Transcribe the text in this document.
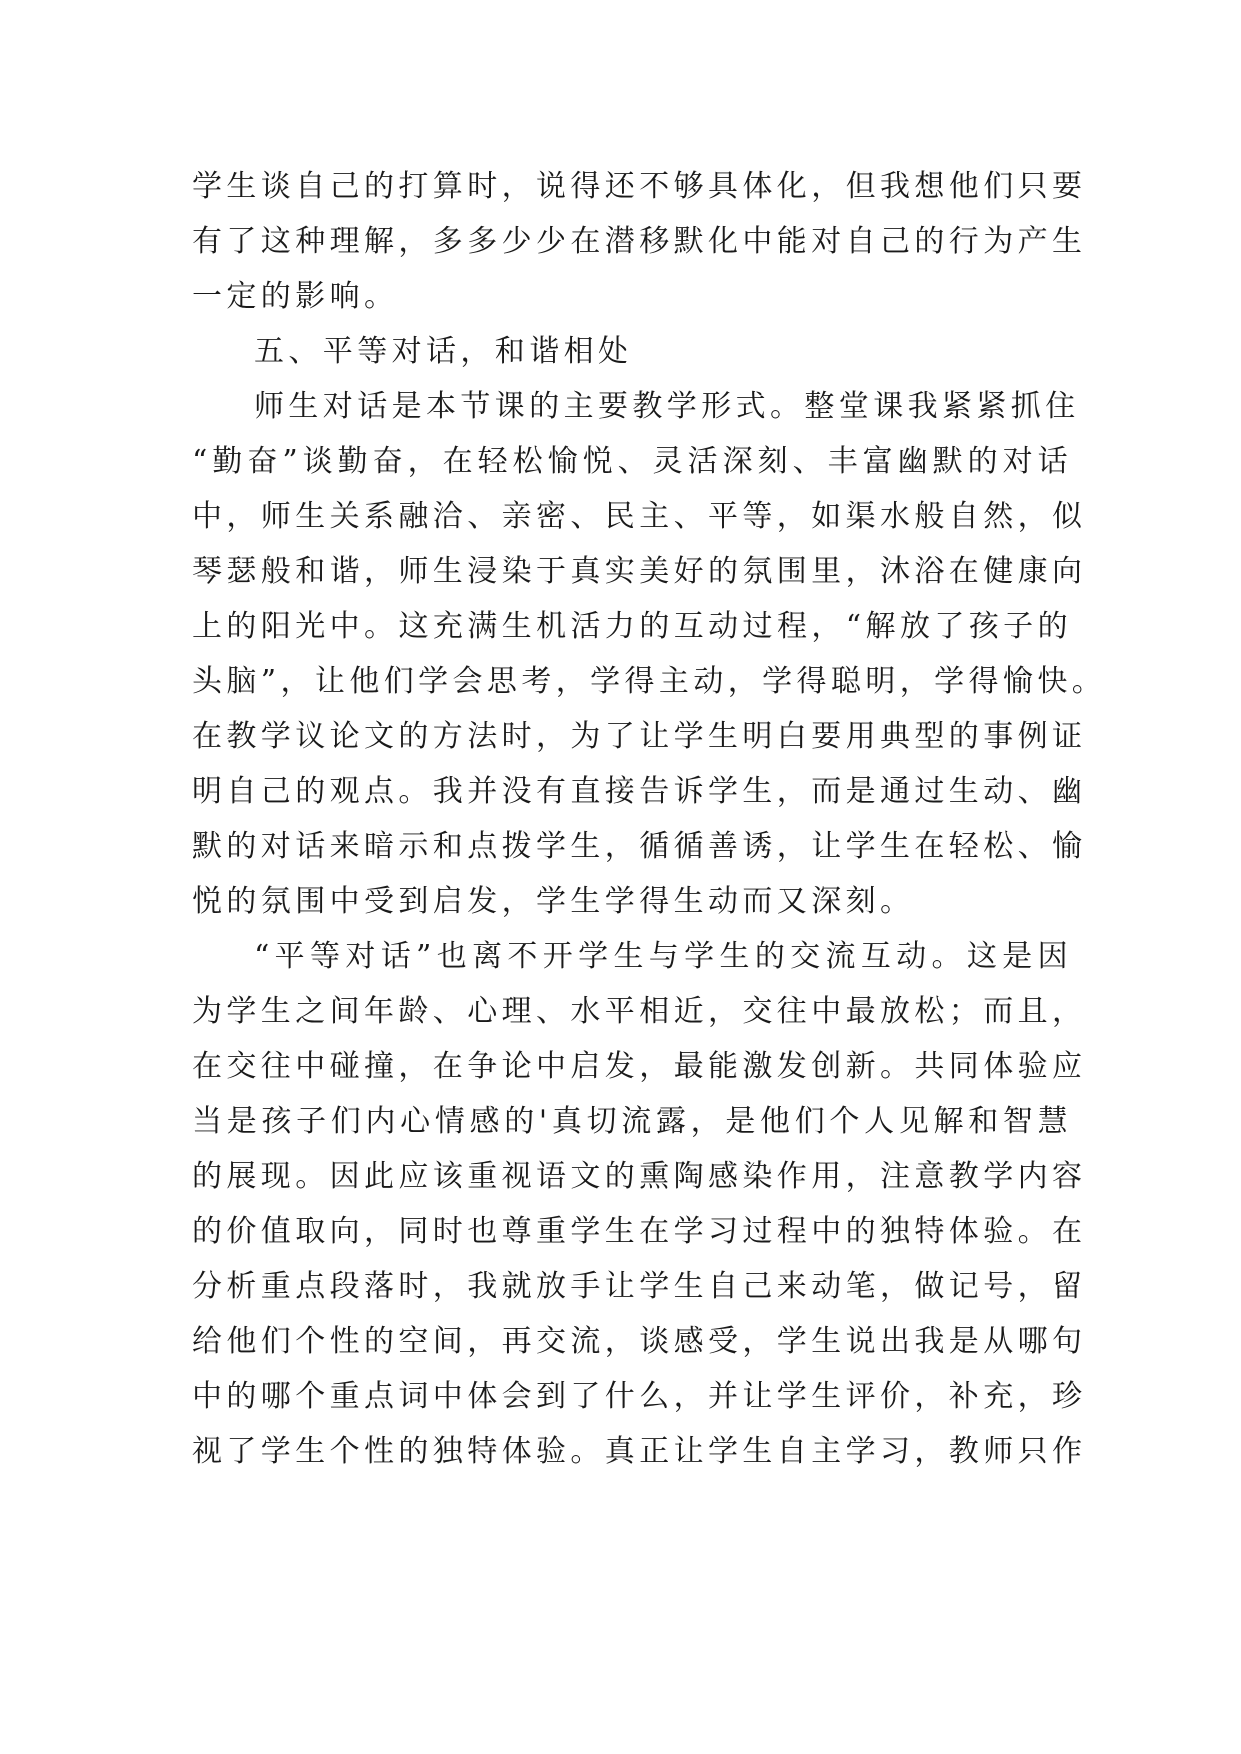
学生谈自己的打算时，说得还不够具体化，但我想他们只要
有了这种理解，多多少少在潜移默化中能对自己的行为产生
一定的影响。
五、平等对话，和谐相处
师生对话是本节课的主要教学形式。整堂课我紧紧抓住
“勤奋”谈勤奋，在轻松愉悦、灵活深刻、丰富幽默的对话
中，师生关系融洽、亲密、民主、平等，如渠水般自然，似
琴瑟般和谐，师生浸染于真实美好的氛围里，沐浴在健康向
上的阳光中。这充满生机活力的互动过程，“解放了孩子的
头脑”，让他们学会思考，学得主动，学得聪明，学得愉快。
在教学议论文的方法时，为了让学生明白要用典型的事例证
明自己的观点。我并没有直接告诉学生，而是通过生动、幽
默的对话来暗示和点拨学生，循循善诱，让学生在轻松、愉
悦的氛围中受到启发，学生学得生动而又深刻。
“平等对话”也离不开学生与学生的交流互动。这是因
为学生之间年龄、心理、水平相近，交往中最放松；而且，
在交往中碰撞，在争论中启发，最能激发创新。共同体验应
当是孩子们内心情感的'真切流露，是他们个人见解和智慧
的展现。因此应该重视语文的熏陶感染作用，注意教学内容
的价值取向，同时也尊重学生在学习过程中的独特体验。在
分析重点段落时，我就放手让学生自己来动笔，做记号，留
给他们个性的空间，再交流，谈感受，学生说出我是从哪句
中的哪个重点词中体会到了什么，并让学生评价，补充，珍
视了学生个性的独特体验。真正让学生自主学习，教师只作
